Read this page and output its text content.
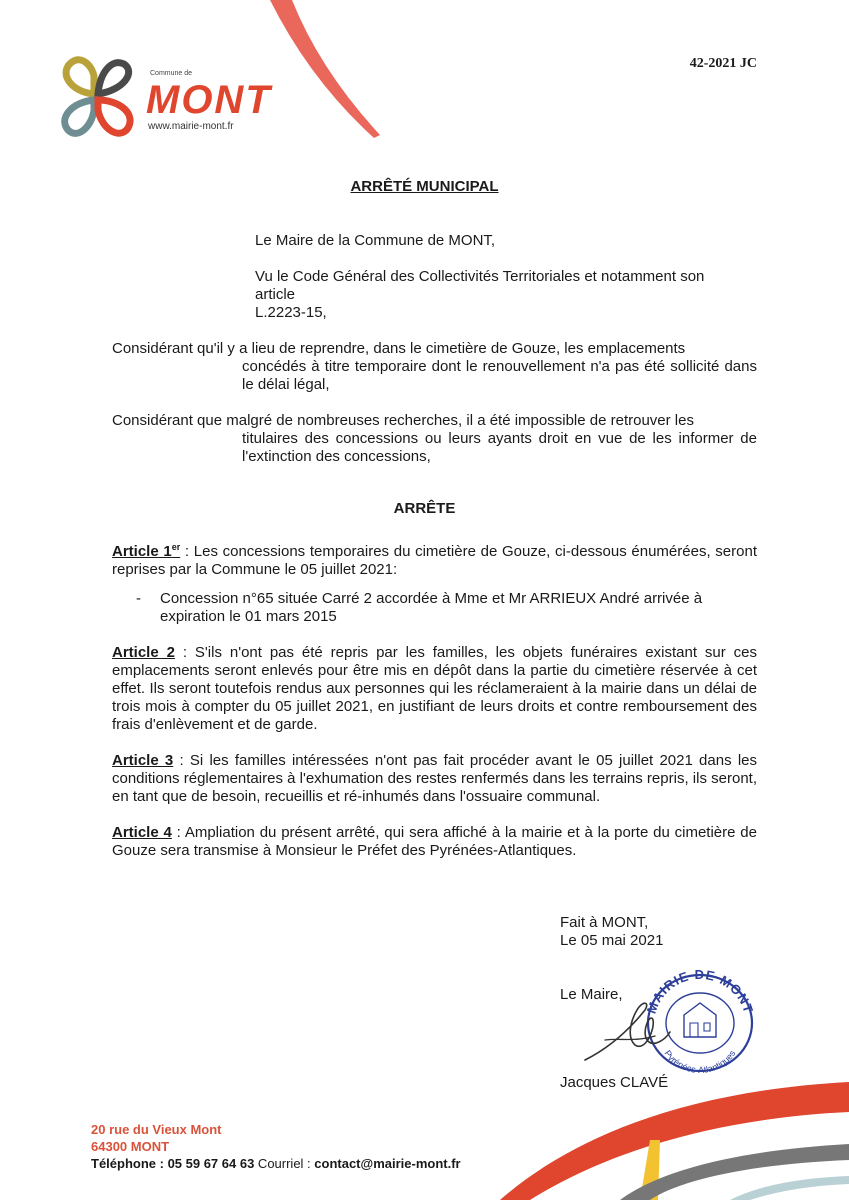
Commune de
MONT
www.mairie-mont.fr
42-2021 JC
ARRÊTÉ MUNICIPAL
Le Maire de la Commune de MONT,
Vu le Code Général des Collectivités Territoriales et notamment son
article
L.2223-15,
Considérant qu'il y a lieu de reprendre, dans le cimetière de Gouze, les emplacements
concédés à titre temporaire dont le renouvellement n'a pas été sollicité dans le délai légal,
Considérant que malgré de nombreuses recherches, il a été impossible de retrouver les
titulaires des concessions ou leurs ayants droit en vue de les informer de l'extinction des concessions,
ARRÊTE
Article 1er : Les concessions temporaires du cimetière de Gouze, ci-dessous énumérées, seront reprises par la Commune le 05 juillet 2021:
-	Concession n°65 située Carré 2 accordée à Mme et Mr ARRIEUX André arrivée à expiration le 01 mars 2015
Article 2 : S'ils n'ont pas été repris par les familles, les objets funéraires existant sur ces emplacements seront enlevés pour être mis en dépôt dans la partie du cimetière réservée à cet effet. Ils seront toutefois rendus aux personnes qui les réclameraient à la mairie dans un délai de trois mois à compter du 05 juillet 2021, en justifiant de leurs droits et contre remboursement des frais d'enlèvement et de garde.
Article 3 : Si les familles intéressées n'ont pas fait procéder avant le 05 juillet 2021 dans les conditions réglementaires à l'exhumation des restes renfermés dans les terrains repris, ils seront, en tant que de besoin, recueillis et ré-inhumés dans l'ossuaire communal.
Article 4 : Ampliation du présent arrêté, qui sera affiché à la mairie et à la porte du cimetière de Gouze sera transmise à Monsieur le Préfet des Pyrénées-Atlantiques.
Fait à MONT,
Le 05 mai 2021
Le Maire,
Jacques CLAVÉ
MAIRIE DE MONT
Pyrénées-Atlantiques
20 rue du Vieux Mont
64300 MONT
Téléphone : 05 59 67 64 63 Courriel : contact@mairie-mont.fr
